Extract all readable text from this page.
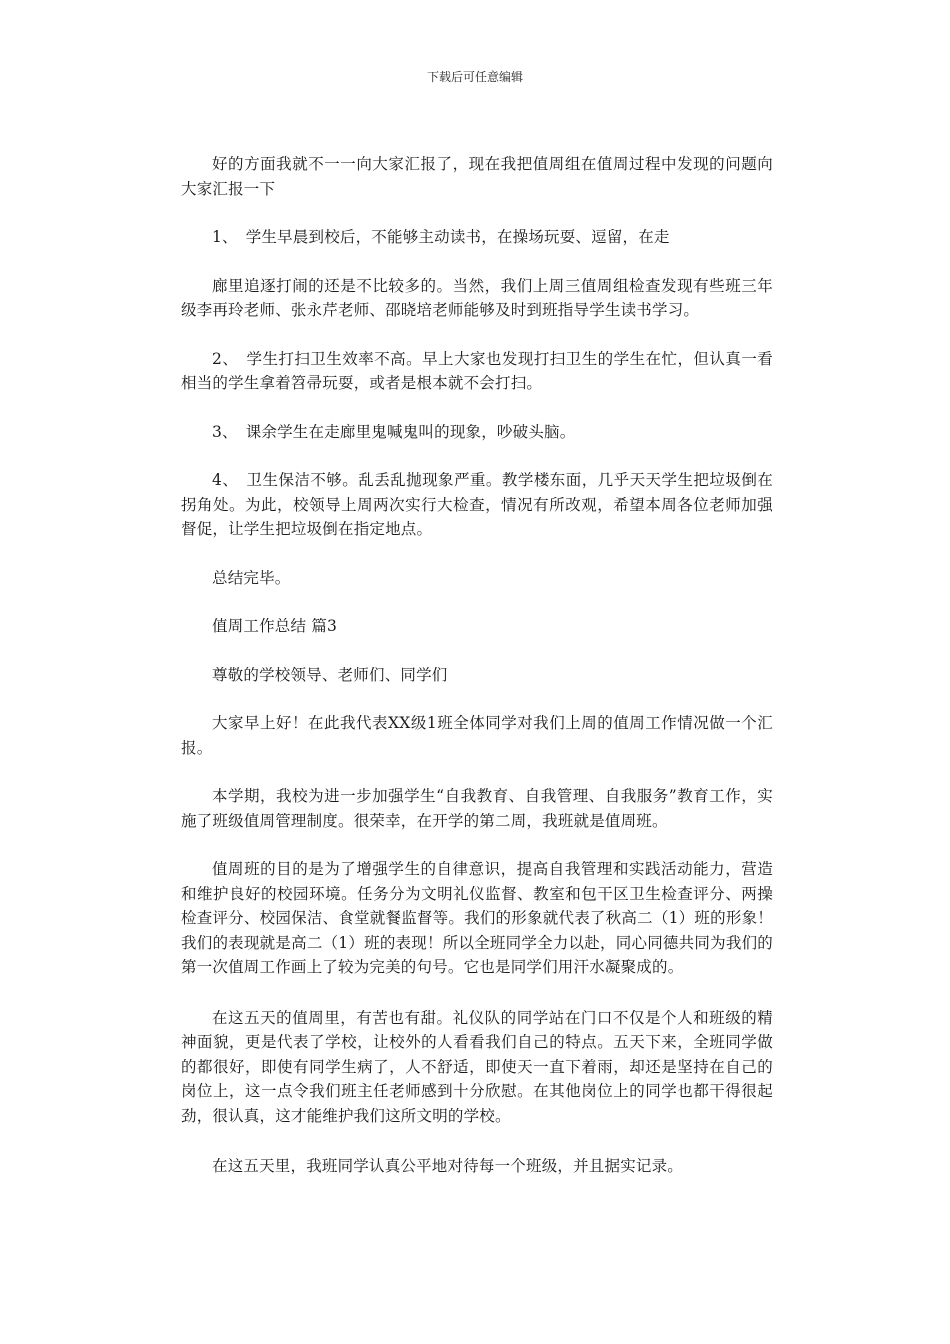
下载后可任意编辑

好的方面我就不一一向大家汇报了，现在我把值周组在值周过程中发现的问题向大家汇报一下

1、　学生早晨到校后，不能够主动读书，在操场玩耍、逗留，在走

廊里追逐打闹的还是不比较多的。当然，我们上周三值周组检查发现有些班三年级李再玲老师、张永芹老师、邵晓培老师能够及时到班指导学生读书学习。

2、　学生打扫卫生效率不高。早上大家也发现打扫卫生的学生在忙，但认真一看相当的学生拿着笤帚玩耍，或者是根本就不会打扫。

3、　课余学生在走廊里鬼喊鬼叫的现象，吵破头脑。

4、　卫生保洁不够。乱丢乱抛现象严重。教学楼东面，几乎天天学生把垃圾倒在拐角处。为此，校领导上周两次实行大检查，情况有所改观，希望本周各位老师加强督促，让学生把垃圾倒在指定地点。

总结完毕。

值周工作总结 篇3

尊敬的学校领导、老师们、同学们

大家早上好！在此我代表XX级1班全体同学对我们上周的值周工作情况做一个汇报。

本学期，我校为进一步加强学生“自我教育、自我管理、自我服务”教育工作，实施了班级值周管理制度。很荣幸，在开学的第二周，我班就是值周班。

值周班的目的是为了增强学生的自律意识，提高自我管理和实践活动能力，营造和维护良好的校园环境。任务分为文明礼仪监督、教室和包干区卫生检查评分、两操检查评分、校园保洁、食堂就餐监督等。我们的形象就代表了秋高二（1）班的形象！我们的表现就是高二（1）班的表现！所以全班同学全力以赴，同心同德共同为我们的第一次值周工作画上了较为完美的句号。它也是同学们用汗水凝聚成的。

在这五天的值周里，有苦也有甜。礼仪队的同学站在门口不仅是个人和班级的精神面貌，更是代表了学校，让校外的人看看我们自己的特点。五天下来，全班同学做的都很好，即使有同学生病了，人不舒适，即使天一直下着雨，却还是坚持在自己的岗位上，这一点令我们班主任老师感到十分欣慰。在其他岗位上的同学也都干得很起劲，很认真，这才能维护我们这所文明的学校。

在这五天里，我班同学认真公平地对待每一个班级，并且据实记录。
